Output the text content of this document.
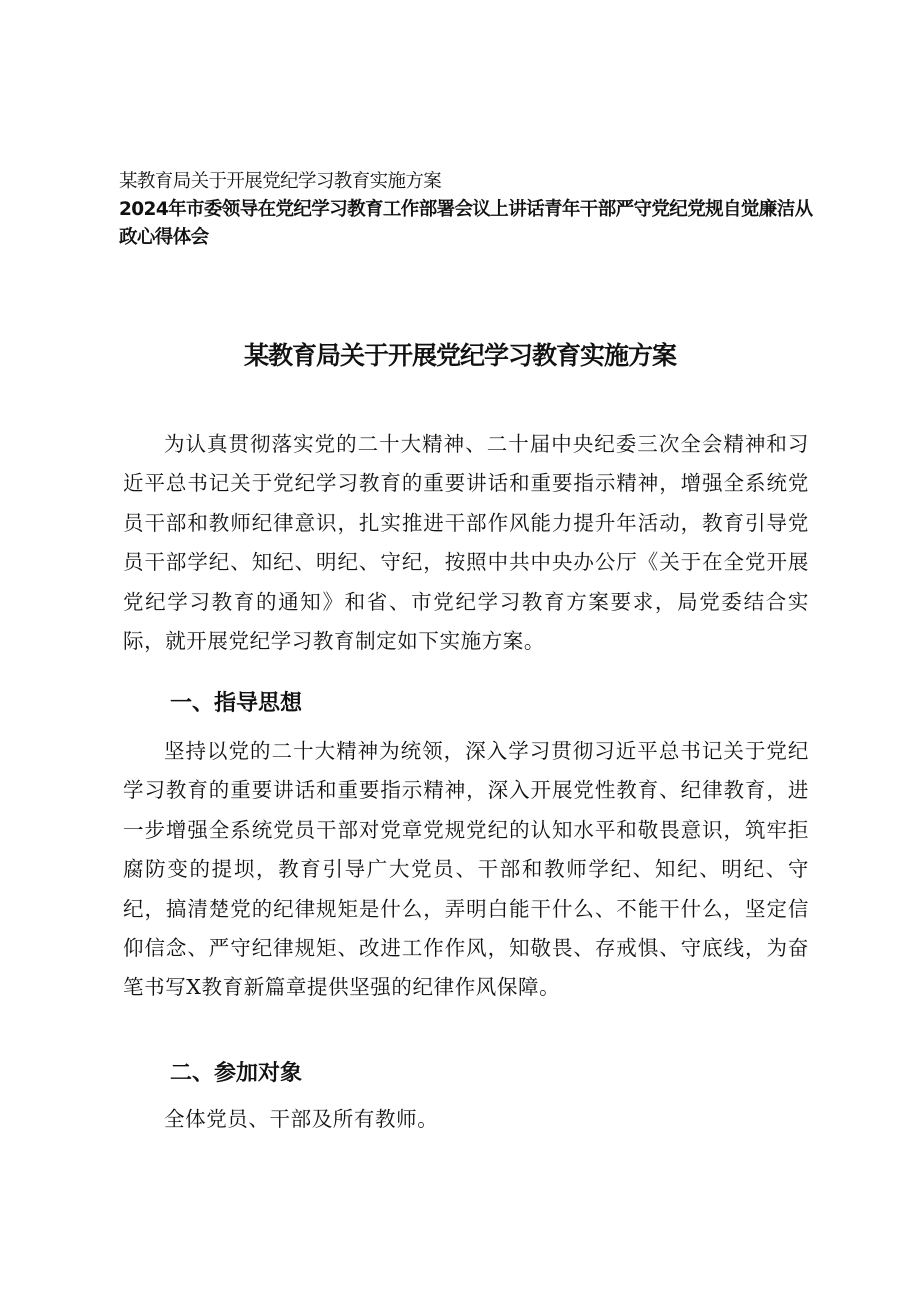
某教育局关于开展党纪学习教育实施方案

2024年市委领导在党纪学习教育工作部署会议上讲话青年干部严守党纪党规自觉廉洁从政心得体会

某教育局关于开展党纪学习教育实施方案

为认真贯彻落实党的二十大精神、二十届中央纪委三次全会精神和习近平总书记关于党纪学习教育的重要讲话和重要指示精神，增强全系统党员干部和教师纪律意识，扎实推进干部作风能力提升年活动，教育引导党员干部学纪、知纪、明纪、守纪，按照中共中央办公厅《关于在全党开展党纪学习教育的通知》和省、市党纪学习教育方案要求，局党委结合实际，就开展党纪学习教育制定如下实施方案。

一、指导思想

坚持以党的二十大精神为统领，深入学习贯彻习近平总书记关于党纪学习教育的重要讲话和重要指示精神，深入开展党性教育、纪律教育，进一步增强全系统党员干部对党章党规党纪的认知水平和敬畏意识，筑牢拒腐防变的提坝，教育引导广大党员、干部和教师学纪、知纪、明纪、守纪，搞清楚党的纪律规矩是什么，弄明白能干什么、不能干什么，坚定信仰信念、严守纪律规矩、改进工作作风，知敬畏、存戒惧、守底线，为奋笔书写X教育新篇章提供坚强的纪律作风保障。

二、参加对象

全体党员、干部及所有教师。
